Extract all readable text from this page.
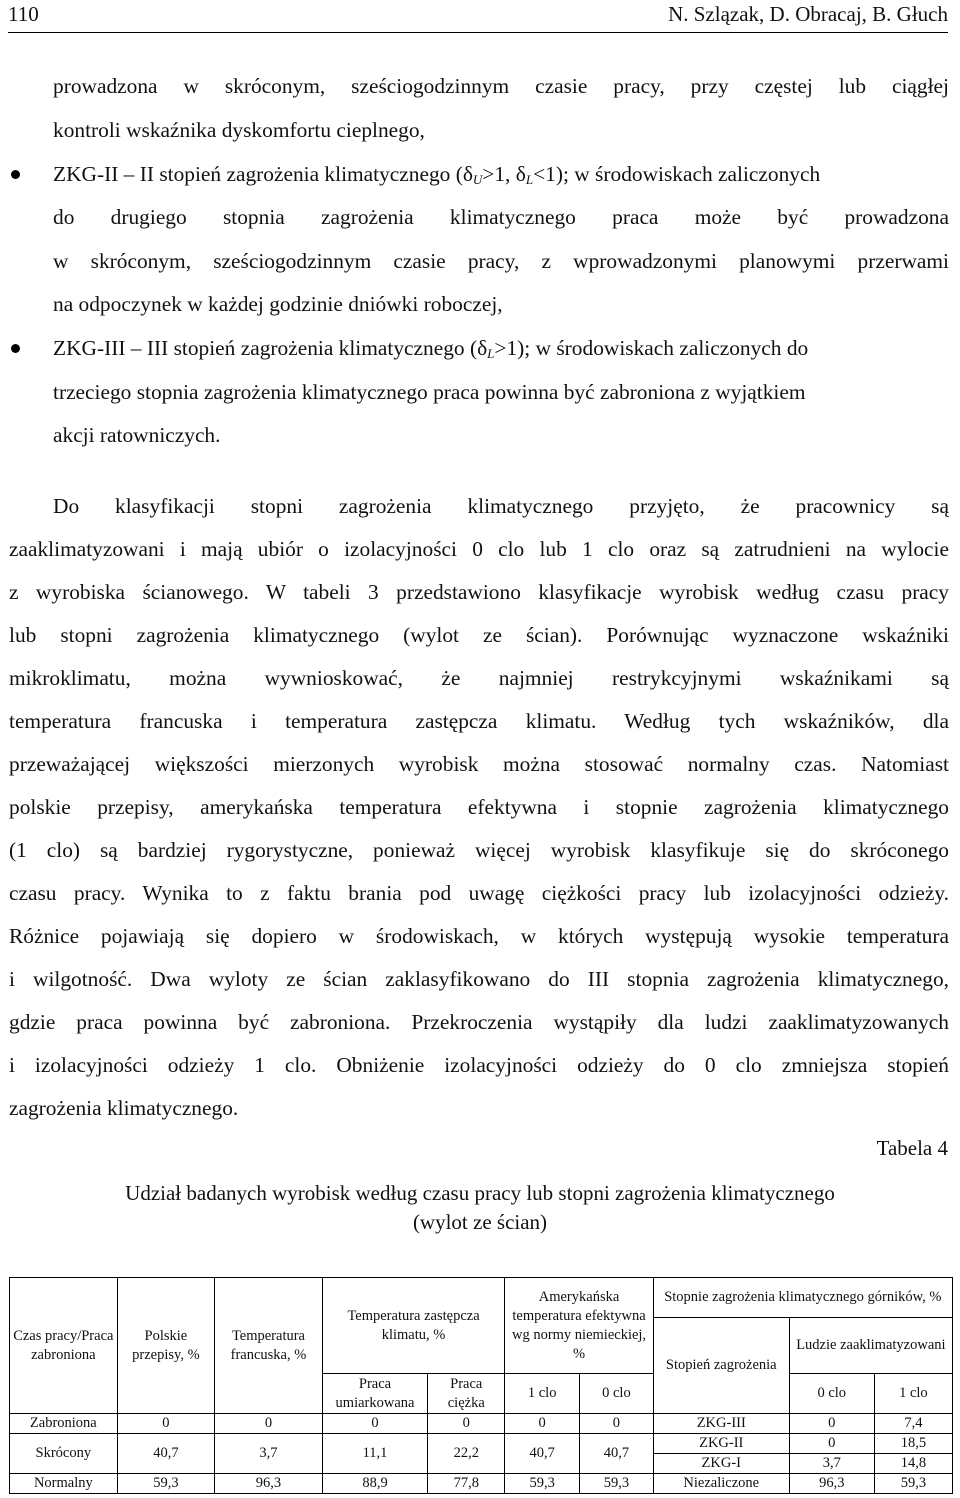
110	N. Szlązak, D. Obracaj, B. Głuch
prowadzona w skróconym, sześciogodzinnym czasie pracy, przy częstej lub ciągłej
kontroli wskaźnika dyskomfortu cieplnego,
ZKG-II – II stopień zagrożenia klimatycznego ($\delta_U>1$, $\delta_L<1$); w środowiskach zaliczonych
do drugiego stopnia zagrożenia klimatycznego praca może być prowadzona
w skróconym, sześciogodzinnym czasie pracy, z wprowadzonymi planowymi przerwami
na odpoczynek w każdej godzinie dniówki roboczej,
ZKG-III – III stopień zagrożenia klimatycznego $(\delta_L>1)$; w środowiskach zaliczonych do
trzeciego stopnia zagrożenia klimatycznego praca powinna być zabroniona z wyjątkiem
akcji ratowniczych.
Do klasyfikacji stopni zagrożenia klimatycznego przyjęto, że pracownicy są
zaaklimatyzowani i mają ubiór o izolacyjności 0 clo lub 1 clo oraz są zatrudnieni na wylocie
z wyrobiska ścianowego. W tabeli 3 przedstawiono klasyfikacje wyrobisk według czasu pracy
lub stopni zagrożenia klimatycznego (wylot ze ścian). Porównując wyznaczone wskaźniki
mikroklimatu, można wywnioskować, że najmniej restrykcyjnymi wskaźnikami są
temperatura francuska i temperatura zastępcza klimatu. Według tych wskaźników, dla
przeważającej większości mierzonych wyrobisk można stosować normalny czas. Natomiast
polskie przepisy, amerykańska temperatura efektywna i stopnie zagrożenia klimatycznego
(1 clo) są bardziej rygorystyczne, ponieważ więcej wyrobisk klasyfikuje się do skróconego
czasu pracy. Wynika to z faktu brania pod uwagę ciężkości pracy lub izolacyjności odzieży.
Różnice pojawiają się dopiero w środowiskach, w których występują wysokie temperatura
i wilgotność. Dwa wyloty ze ścian zaklasyfikowano do III stopnia zagrożenia klimatycznego,
gdzie praca powinna być zabroniona. Przekroczenia wystąpiły dla ludzi zaaklimatyzowanych
i izolacyjności odzieży 1 clo. Obniżenie izolacyjności odzieży do 0 clo zmniejsza stopień
zagrożenia klimatycznego.
Tabela 4
Udział badanych wyrobisk według czasu pracy lub stopni zagrożenia klimatycznego
(wylot ze ścian)
Czas pracy/Praca zabroniona	Polskie przepisy, %	Temperatura francuska, %	Temperatura zastępcza klimatu, %		Amerykańska temperatura efektywna wg normy niemieckiej, %		Stopnie zagrożenia klimatycznego górników, %		
							Stopień zagrożenia	Ludzie zaaklimatyzowani	
			Praca umiarkowana	Praca ciężka	1 clo	0 clo		0 clo	1 clo
Zabroniona	0	0	0	0	0	0	ZKG-III	0	7,4
Skrócony	40,7	3,7	11,1	22,2	40,7	40,7	ZKG-II	0	18,5
							ZKG-I	3,7	14,8
Normalny	59,3	96,3	88,9	77,8	59,3	59,3	Niezaliczone	96,3	59,3
